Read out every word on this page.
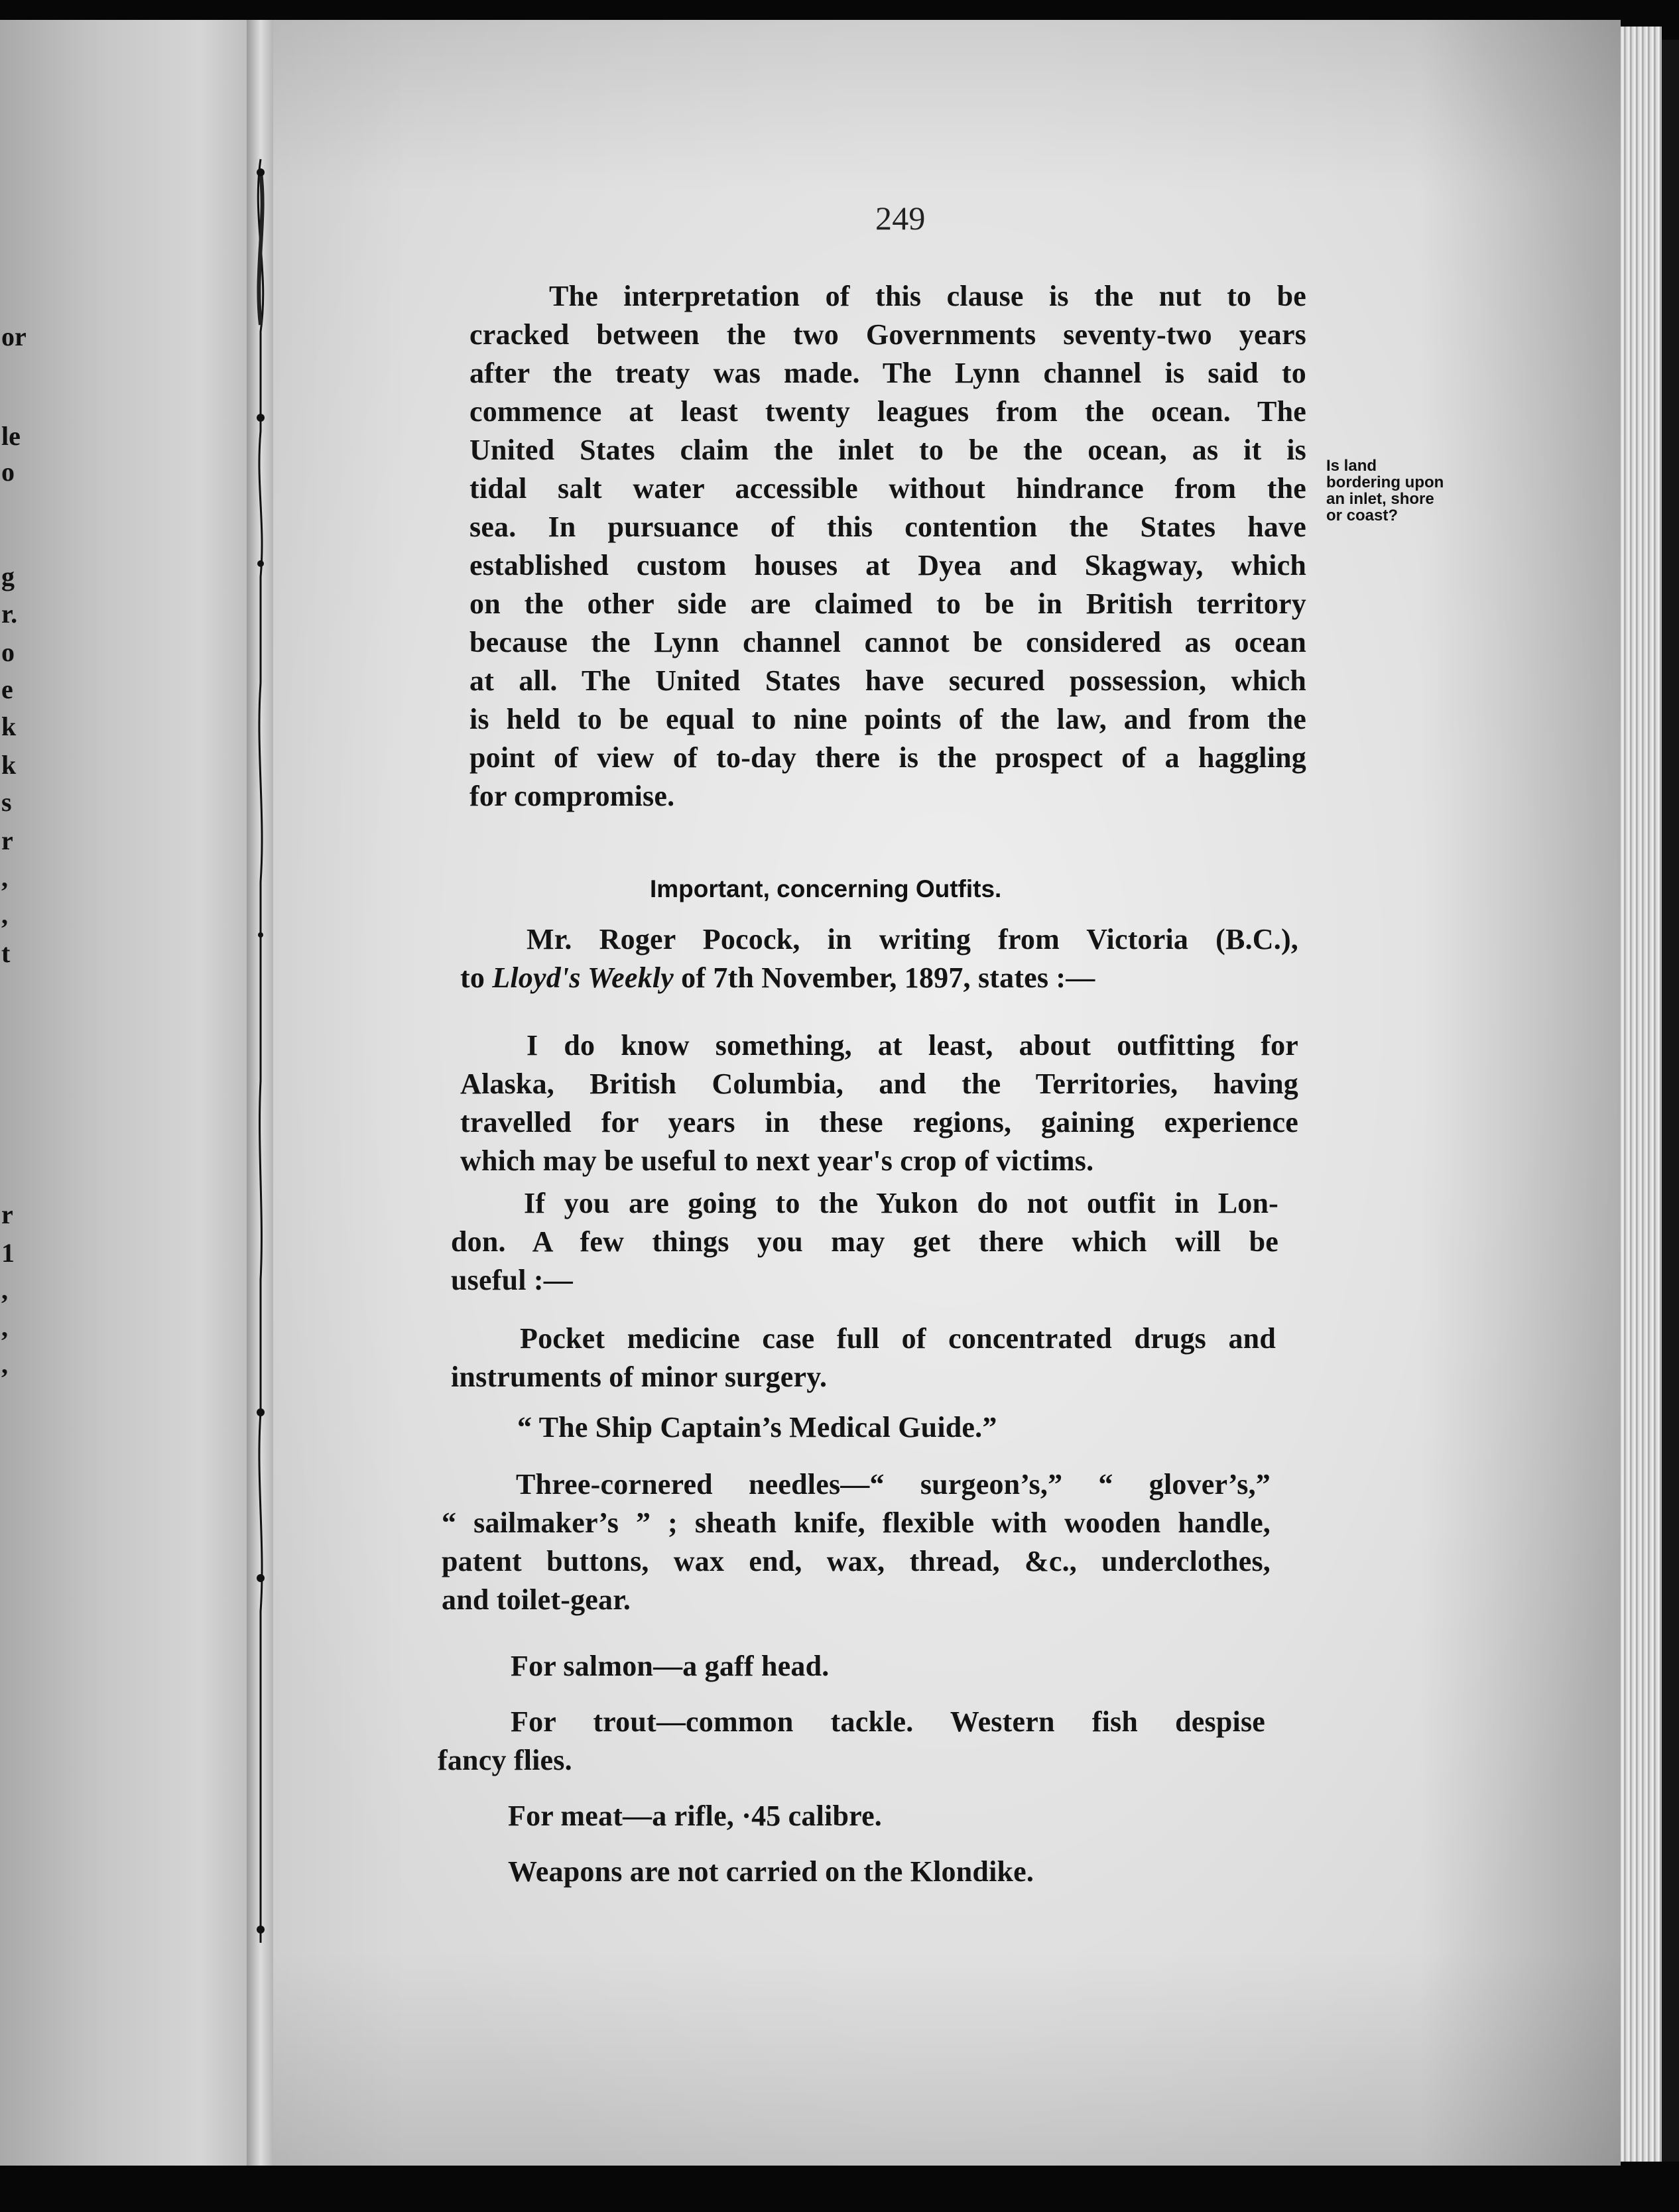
or
le
o
g
r.
o
e
k
k
s
r
,
,
t
r
1
,
,
,
249
The interpretation of this clause is the nut to be
cracked between the two Governments seventy-two years
after the treaty was made. The Lynn channel is said to
commence at least twenty leagues from the ocean. The
United States claim the inlet to be the ocean, as it is
tidal salt water accessible without hindrance from the
sea. In pursuance of this contention the States have
established custom houses at Dyea and Skagway, which
on the other side are claimed to be in British territory
because the Lynn channel cannot be considered as ocean
at all. The United States have secured possession, which
is held to be equal to nine points of the law, and from the
point of view of to-day there is the prospect of a haggling
for compromise.
Is land
bordering upon
an inlet, shore
or coast?
Important, concerning Outfits.
Mr. Roger Pocock, in writing from Victoria (B.C.),
to Lloyd's Weekly of 7th November, 1897, states :—
I do know something, at least, about outfitting for
Alaska, British Columbia, and the Territories, having
travelled for years in these regions, gaining experience
which may be useful to next year's crop of victims.
If you are going to the Yukon do not outfit in Lon-
don. A few things you may get there which will be
useful :—
Pocket medicine case full of concentrated drugs and
instruments of minor surgery.
“ The Ship Captain’s Medical Guide.”
Three-cornered needles—“ surgeon’s,” “ glover’s,”
“ sailmaker’s ” ; sheath knife, flexible with wooden handle,
patent buttons, wax end, wax, thread, &c., underclothes,
and toilet-gear.
For salmon—a gaff head.
For trout—common tackle. Western fish despise
fancy flies.
For meat—a rifle, ·45 calibre.
Weapons are not carried on the Klondike.
